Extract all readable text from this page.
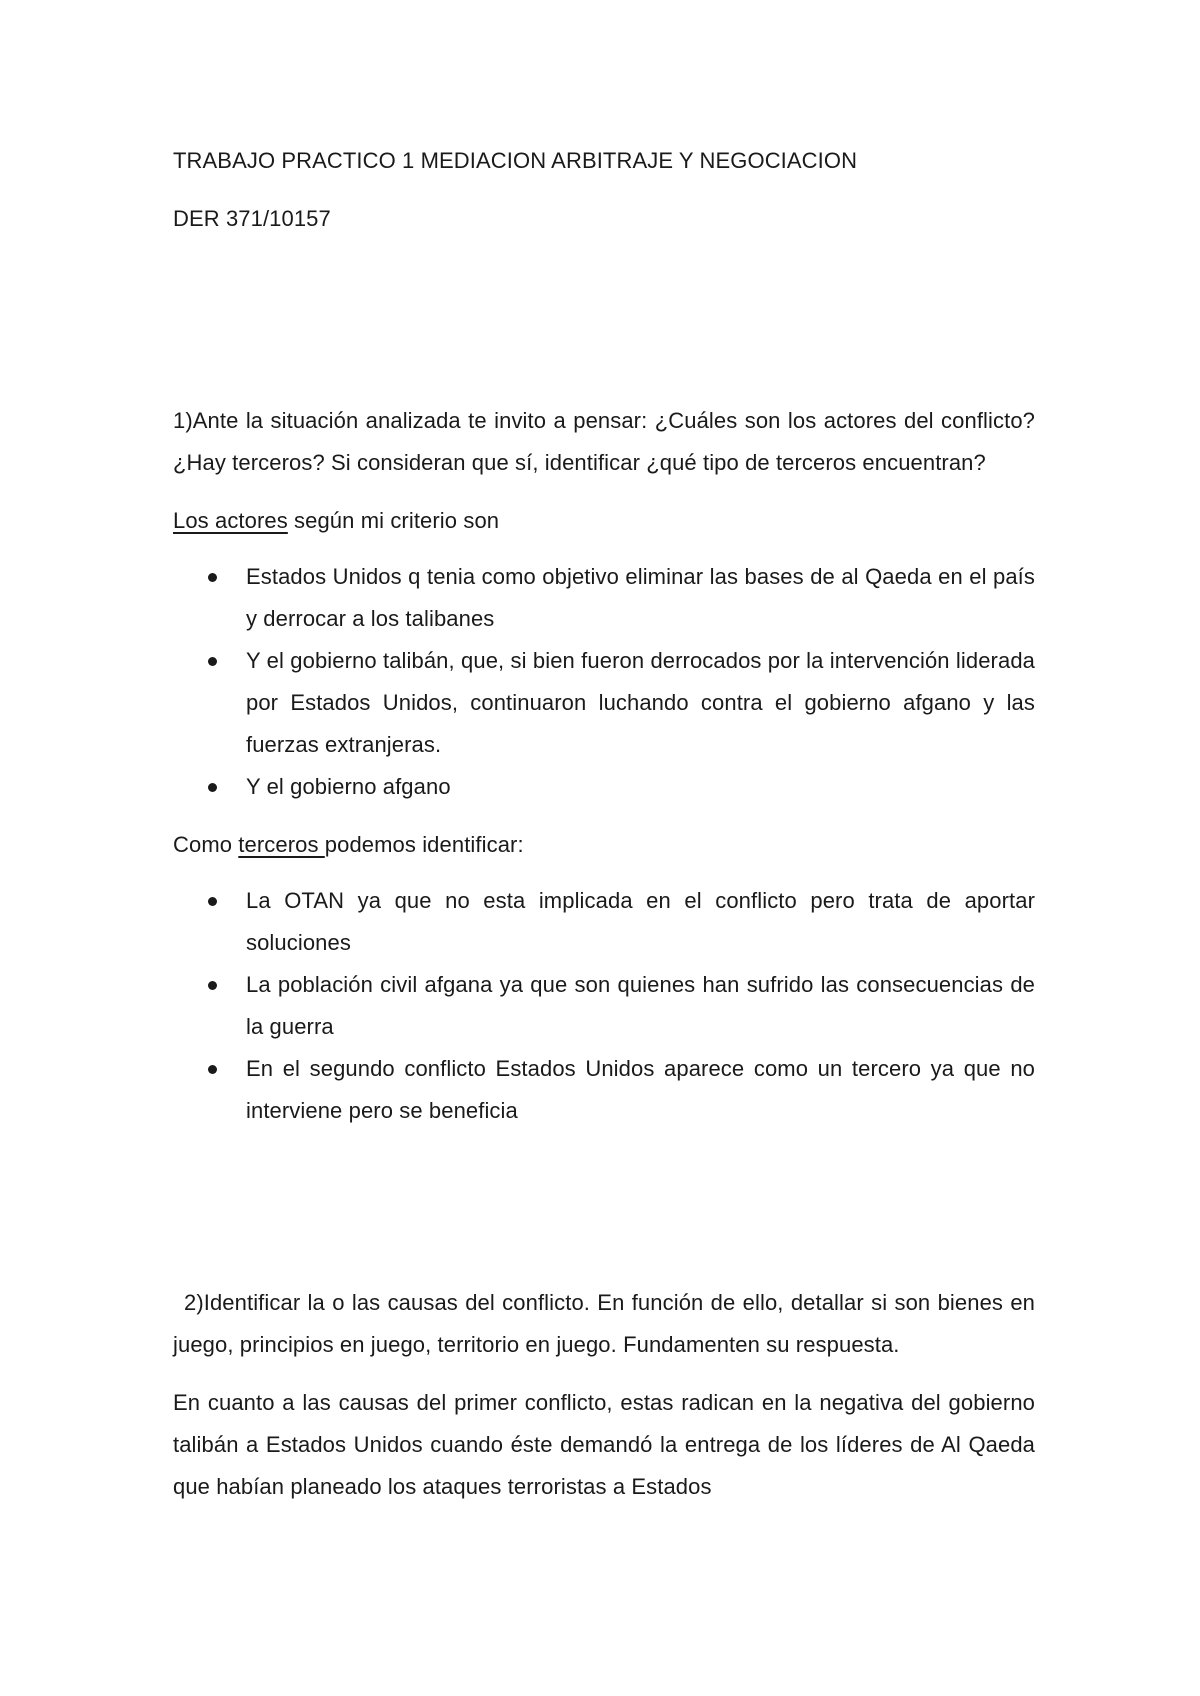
TRABAJO PRACTICO 1 MEDIACION ARBITRAJE Y NEGOCIACION

DER 371/10157

1)Ante la situación analizada te invito a pensar: ¿Cuáles son los actores del conflicto? ¿Hay terceros? Si consideran que sí, identificar ¿qué tipo de terceros encuentran?

Los actores según mi criterio son

Estados Unidos q tenia como objetivo eliminar las bases de al Qaeda en el país y derrocar a los talibanes
Y el gobierno talibán, que, si bien fueron derrocados por la intervención liderada por Estados Unidos, continuaron luchando contra el gobierno afgano y las fuerzas extranjeras.
Y el gobierno afgano

Como terceros podemos identificar:

La OTAN ya que no esta implicada en el conflicto pero trata de aportar soluciones
La población civil afgana ya que son quienes han sufrido las consecuencias de la guerra
En el segundo conflicto Estados Unidos aparece como un tercero ya que no interviene pero se beneficia

2)Identificar la o las causas del conflicto. En función de ello, detallar si son bienes en juego, principios en juego, territorio en juego. Fundamenten su respuesta.

En cuanto a las causas del primer conflicto, estas radican en la negativa del gobierno talibán a Estados Unidos cuando éste demandó la entrega de los líderes de Al Qaeda que habían planeado los ataques terroristas a Estados
